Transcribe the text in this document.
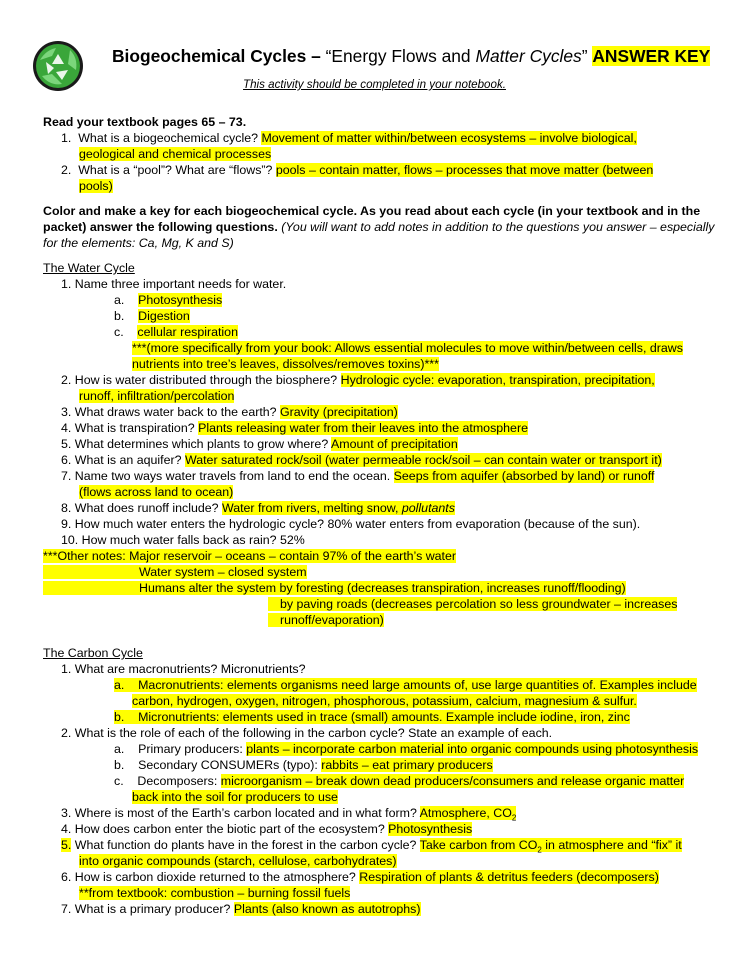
Biogeochemical Cycles – “Energy Flows and Matter Cycles” ANSWER KEY
This activity should be completed in your notebook.
Read your textbook pages 65 – 73.
1. What is a biogeochemical cycle? Movement of matter within/between ecosystems – involve biological,
geological and chemical processes
2. What is a “pool”? What are “flows”? pools – contain matter, flows – processes that move matter (between
pools)
Color and make a key for each biogeochemical cycle. As you read about each cycle (in your textbook and in the
packet) answer the following questions. (You will want to add notes in addition to the questions you answer – especially
for the elements: Ca, Mg, K and S)
The Water Cycle
1. Name three important needs for water.
a. Photosynthesis
b. Digestion
c. cellular respiration
***(more specifically from your book: Allows essential molecules to move within/between cells, draws
nutrients into tree’s leaves, dissolves/removes toxins)***
2. How is water distributed through the biosphere? Hydrologic cycle: evaporation, transpiration, precipitation,
runoff, infiltration/percolation
3. What draws water back to the earth? Gravity (precipitation)
4. What is transpiration? Plants releasing water from their leaves into the atmosphere
5. What determines which plants to grow where? Amount of precipitation
6. What is an aquifer? Water saturated rock/soil (water permeable rock/soil – can contain water or transport it)
7. Name two ways water travels from land to end the ocean. Seeps from aquifer (absorbed by land) or runoff
(flows across land to ocean)
8. What does runoff include? Water from rivers, melting snow, pollutants
9. How much water enters the hydrologic cycle? 80% water enters from evaporation (because of the sun).
10. How much water falls back as rain? 52%
***Other notes: Major reservoir – oceans – contain 97% of the earth’s water
Water system – closed system
Humans alter the system by foresting (decreases transpiration, increases runoff/flooding)
by paving roads (decreases percolation so less groundwater – increases
runoff/evaporation)
The Carbon Cycle
1. What are macronutrients? Micronutrients?
a.    Macronutrients: elements organisms need large amounts of, use large quantities of. Examples include
carbon, hydrogen, oxygen, nitrogen, phosphorous, potassium, calcium, magnesium & sulfur.
b.    Micronutrients: elements used in trace (small) amounts. Example include iodine, iron, zinc
2. What is the role of each of the following in the carbon cycle? State an example of each.
a.    Primary producers: plants – incorporate carbon material into organic compounds using photosynthesis
b.    Secondary CONSUMERs (typo): rabbits – eat primary producers
c.    Decomposers: microorganism – break down dead producers/consumers and release organic matter
back into the soil for producers to use
3. Where is most of the Earth’s carbon located and in what form? Atmosphere, $CO_2$
4. How does carbon enter the biotic part of the ecosystem? Photosynthesis
5. What function do plants have in the forest in the carbon cycle? Take carbon from $CO_2$ in atmosphere and “fix” it
into organic compounds (starch, cellulose, carbohydrates)
6. How is carbon dioxide returned to the atmosphere? Respiration of plants & detritus feeders (decomposers)
**from textbook: combustion – burning fossil fuels
7. What is a primary producer? Plants (also known as autotrophs)
